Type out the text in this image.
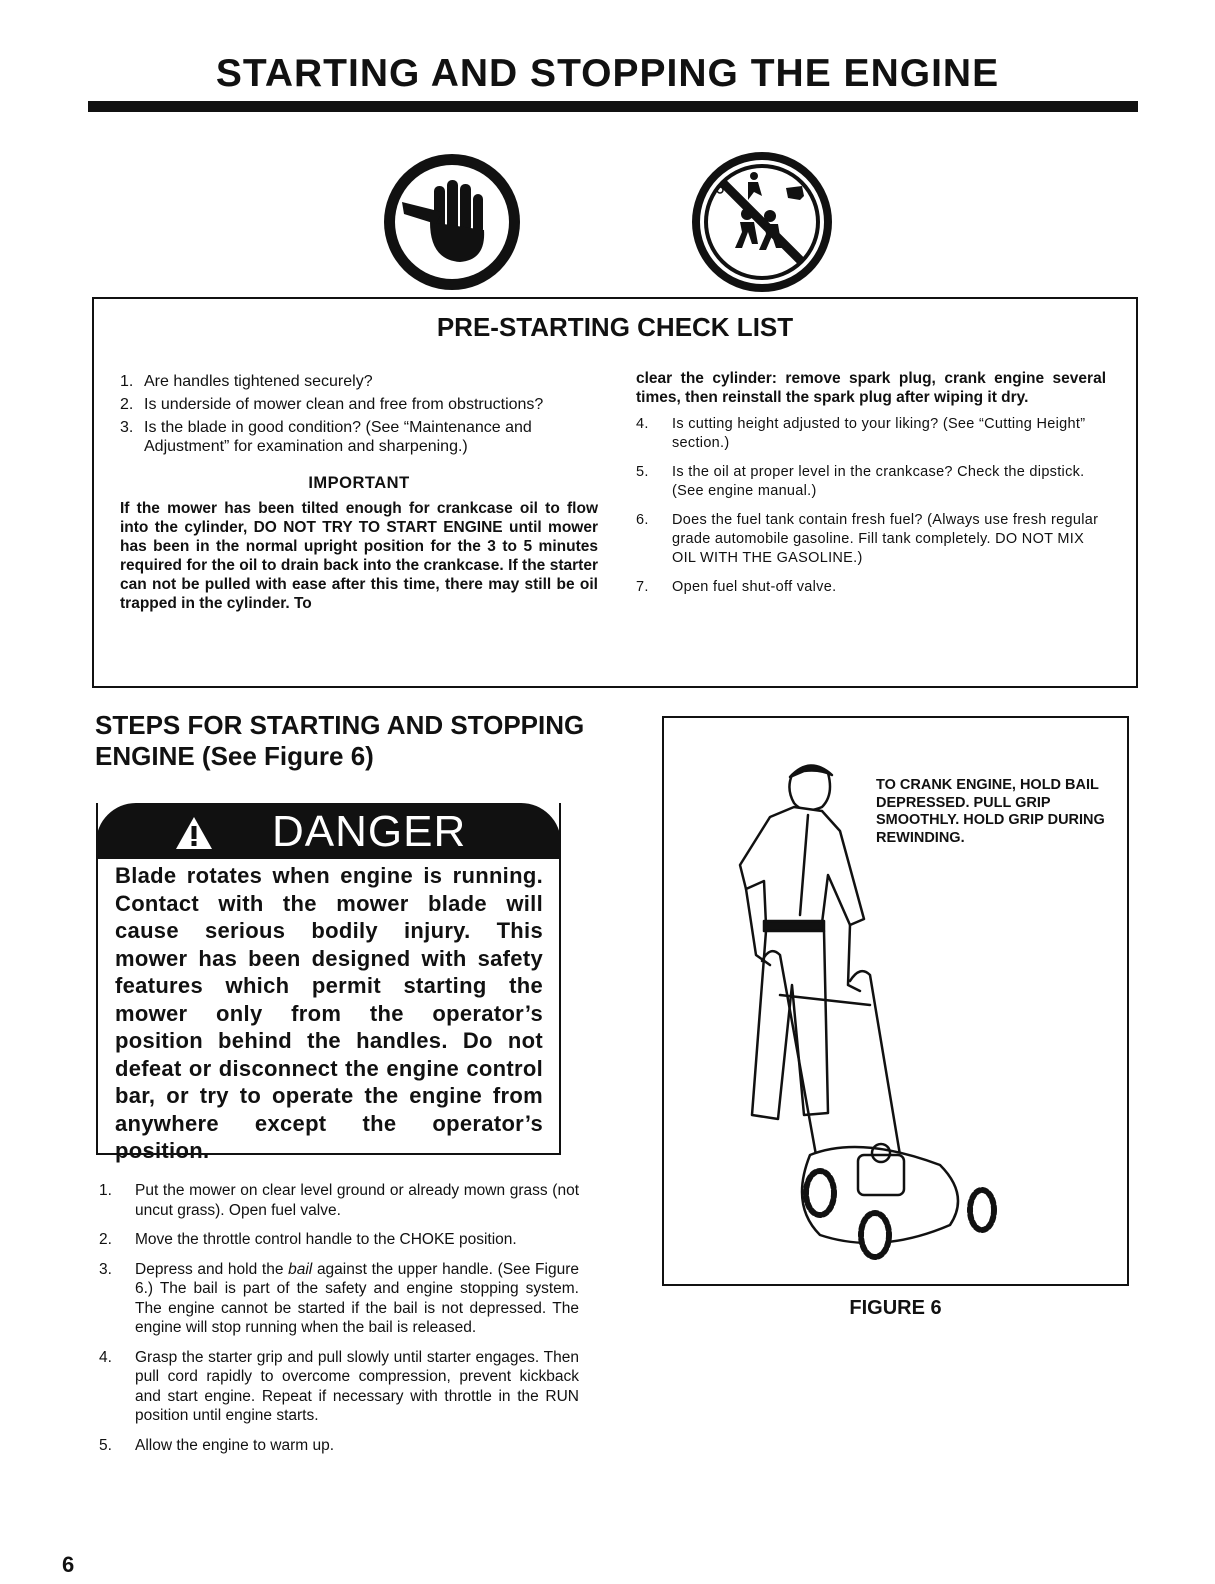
STARTING AND STOPPING THE ENGINE
PRE-STARTING CHECK LIST
1. Are handles tightened securely?
2. Is underside of mower clean and free from obstructions?
3. Is the blade in good condition? (See “Maintenance and Adjustment” for examination and sharpening.)
IMPORTANT

If the mower has been tilted enough for crankcase oil to flow into the cylinder, DO NOT TRY TO START ENGINE until mower has been in the normal upright position for the 3 to 5 minutes required for the oil to drain back into the crankcase. If the starter can not be pulled with ease after this time, there may still be oil trapped in the cylinder. To

clear the cylinder: remove spark plug, crank engine several times, then reinstall the spark plug after wiping it dry.

4. Is cutting height adjusted to your liking? (See “Cutting Height” section.)
5. Is the oil at proper level in the crankcase? Check the dipstick. (See engine manual.)
6. Does the fuel tank contain fresh fuel? (Always use fresh regular grade automobile gasoline. Fill tank completely. DO NOT MIX OIL WITH THE GASOLINE.)
7. Open fuel shut-off valve.
STEPS FOR STARTING AND STOPPING ENGINE (See Figure 6)
DANGER

Blade rotates when engine is running. Contact with the mower blade will cause serious bodily injury. This mower has been designed with safety features which permit starting the mower only from the operator’s position behind the handles. Do not defeat or disconnect the engine control bar, or try to operate the engine from anywhere except the operator’s position.

1. Put the mower on clear level ground or already mown grass (not uncut grass). Open fuel valve.
2. Move the throttle control handle to the CHOKE position.
3. Depress and hold the bail against the upper handle. (See Figure 6.) The bail is part of the safety and engine stopping system. The engine cannot be started if the bail is not depressed. The engine will stop running when the bail is released.
4. Grasp the starter grip and pull slowly until starter engages. Then pull cord rapidly to overcome compression, prevent kickback and start engine. Repeat if necessary with throttle in the RUN position until engine starts.
5. Allow the engine to warm up.

TO CRANK ENGINE, HOLD BAIL DEPRESSED. PULL GRIP SMOOTHLY. HOLD GRIP DURING REWINDING.

FIGURE 6
6
